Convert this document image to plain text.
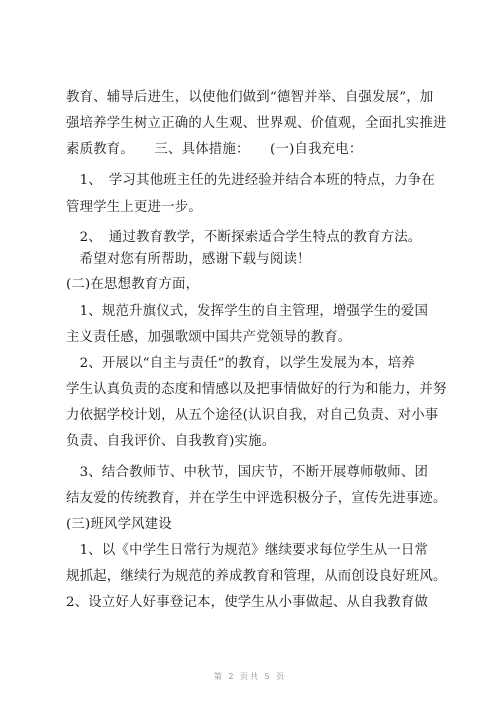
教育、辅导后进生，以使他们做到“德智并举、自强发展”，加
强培养学生树立正确的人生观、世界观、价值观，全面扎实推进
素质教育。　　三、具体措施：　　(一)自我充电：
　1、　学习其他班主任的先进经验并结合本班的特点，力争在
管理学生上更进一步。
　2、　通过教育教学，不断探索适合学生特点的教育方法。
　希望对您有所帮助，感谢下载与阅读！
(二)在思想教育方面，
　1、规范升旗仪式，发挥学生的自主管理，增强学生的爱国
主义责任感，加强歌颂中国共产党领导的教育。
　2、开展以“自主与责任”的教育，以学生发展为本，培养
学生认真负责的态度和情感以及把事情做好的行为和能力，并努
力依据学校计划，从五个途径(认识自我，对自己负责、对小事
负责、自我评价、自我教育)实施。
　3、结合教师节、中秋节，国庆节，不断开展尊师敬师、团
结友爱的传统教育，并在学生中评选积极分子，宣传先进事迹。
(三)班风学风建设
　1、以《中学生日常行为规范》继续要求每位学生从一日常
规抓起，继续行为规范的养成教育和管理，从而创设良好班风。
2、设立好人好事登记本，使学生从小事做起、从自我教育做
第 2 页共 5 页
